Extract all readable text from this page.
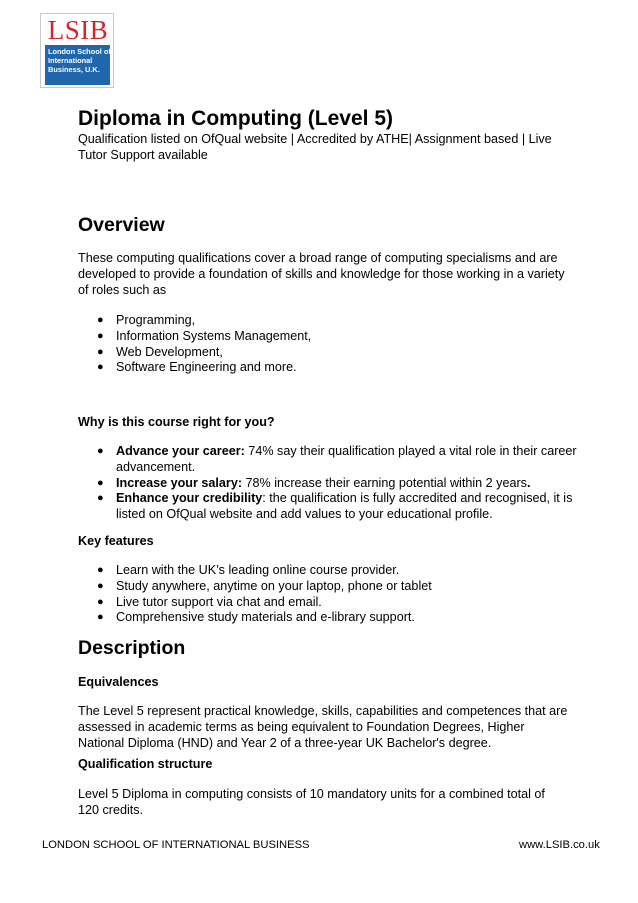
LSIB
London School of
International
Business, U.K.
Diploma in Computing (Level 5)

Qualification listed on OfQual website | Accredited by ATHE| Assignment based | Live Tutor Support available

Overview

These computing qualifications cover a broad range of computing specialisms and are developed to provide a foundation of skills and knowledge for those working in a variety of roles such as

● Programming,
● Information Systems Management,
● Web Development,
● Software Engineering and more.
Why is this course right for you?
● Advance your career: 74% say their qualification played a vital role in their career advancement.
● Increase your salary: 78% increase their earning potential within 2 years.
● Enhance your credibility: the qualification is fully accredited and recognised, it is listed on OfQual website and add values to your educational profile.
Key features
● Learn with the UK’s leading online course provider.
● Study anywhere, anytime on your laptop, phone or tablet
● Live tutor support via chat and email.
● Comprehensive study materials and e-library support.
Description
Equivalences

The Level 5 represent practical knowledge, skills, capabilities and competences that are assessed in academic terms as being equivalent to Foundation Degrees, Higher National Diploma (HND) and Year 2 of a three-year UK Bachelor's degree.

Qualification structure

Level 5 Diploma in computing consists of 10 mandatory units for a combined total of 120 credits.

LONDON SCHOOL OF INTERNATIONAL BUSINESS	www.LSIB.co.uk
